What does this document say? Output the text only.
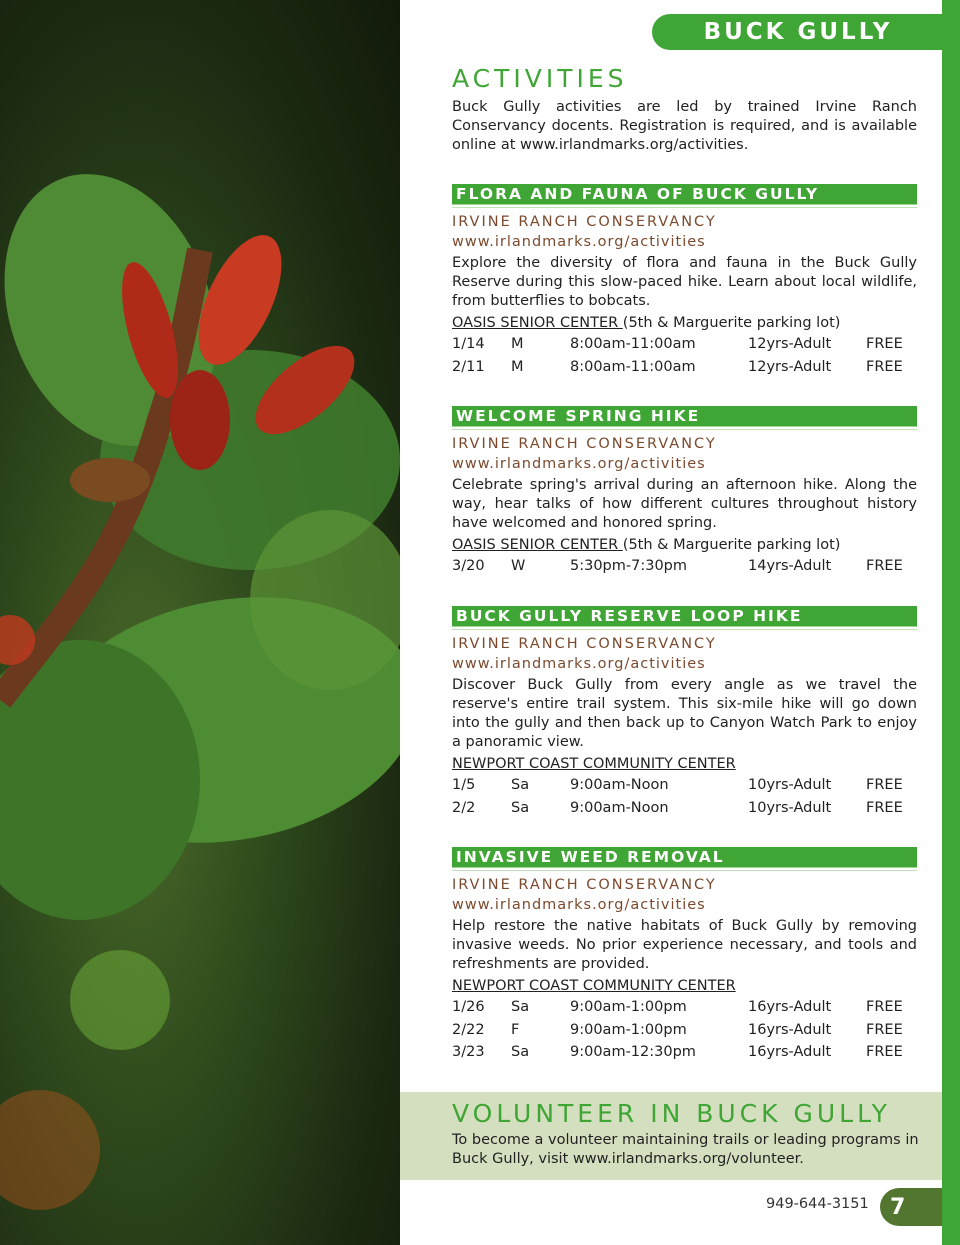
BUCK GULLY
ACTIVITIES
Buck Gully activities are led by trained Irvine Ranch Conservancy docents. Registration is required, and is available online at www.irlandmarks.org/activities.
FLORA AND FAUNA OF BUCK GULLY
IRVINE RANCH CONSERVANCY
www.irlandmarks.org/activities
Explore the diversity of flora and fauna in the Buck Gully Reserve during this slow-paced hike. Learn about local wildlife, from butterflies to bobcats.
OASIS SENIOR CENTER (5th & Marguerite parking lot)
1/14	M	8:00am-11:00am	12yrs-Adult	FREE
2/11	M	8:00am-11:00am	12yrs-Adult	FREE
WELCOME SPRING HIKE
IRVINE RANCH CONSERVANCY
www.irlandmarks.org/activities
Celebrate spring's arrival during an afternoon hike. Along the way, hear talks of how different cultures throughout history have welcomed and honored spring.
OASIS SENIOR CENTER (5th & Marguerite parking lot)
3/20	W	5:30pm-7:30pm	14yrs-Adult	FREE
BUCK GULLY RESERVE LOOP HIKE
IRVINE RANCH CONSERVANCY
www.irlandmarks.org/activities
Discover Buck Gully from every angle as we travel the reserve's entire trail system. This six-mile hike will go down into the gully and then back up to Canyon Watch Park to enjoy a panoramic view.
NEWPORT COAST COMMUNITY CENTER
1/5	Sa	9:00am-Noon	10yrs-Adult	FREE
2/2	Sa	9:00am-Noon	10yrs-Adult	FREE
INVASIVE WEED REMOVAL
IRVINE RANCH CONSERVANCY
www.irlandmarks.org/activities
Help restore the native habitats of Buck Gully by removing invasive weeds. No prior experience necessary, and tools and refreshments are provided.
NEWPORT COAST COMMUNITY CENTER
1/26	Sa	9:00am-1:00pm	16yrs-Adult	FREE
2/22	F	9:00am-1:00pm	16yrs-Adult	FREE
3/23	Sa	9:00am-12:30pm	16yrs-Adult	FREE
VOLUNTEER IN BUCK GULLY
To become a volunteer maintaining trails or leading programs in Buck Gully, visit www.irlandmarks.org/volunteer.
949-644-3151 7
